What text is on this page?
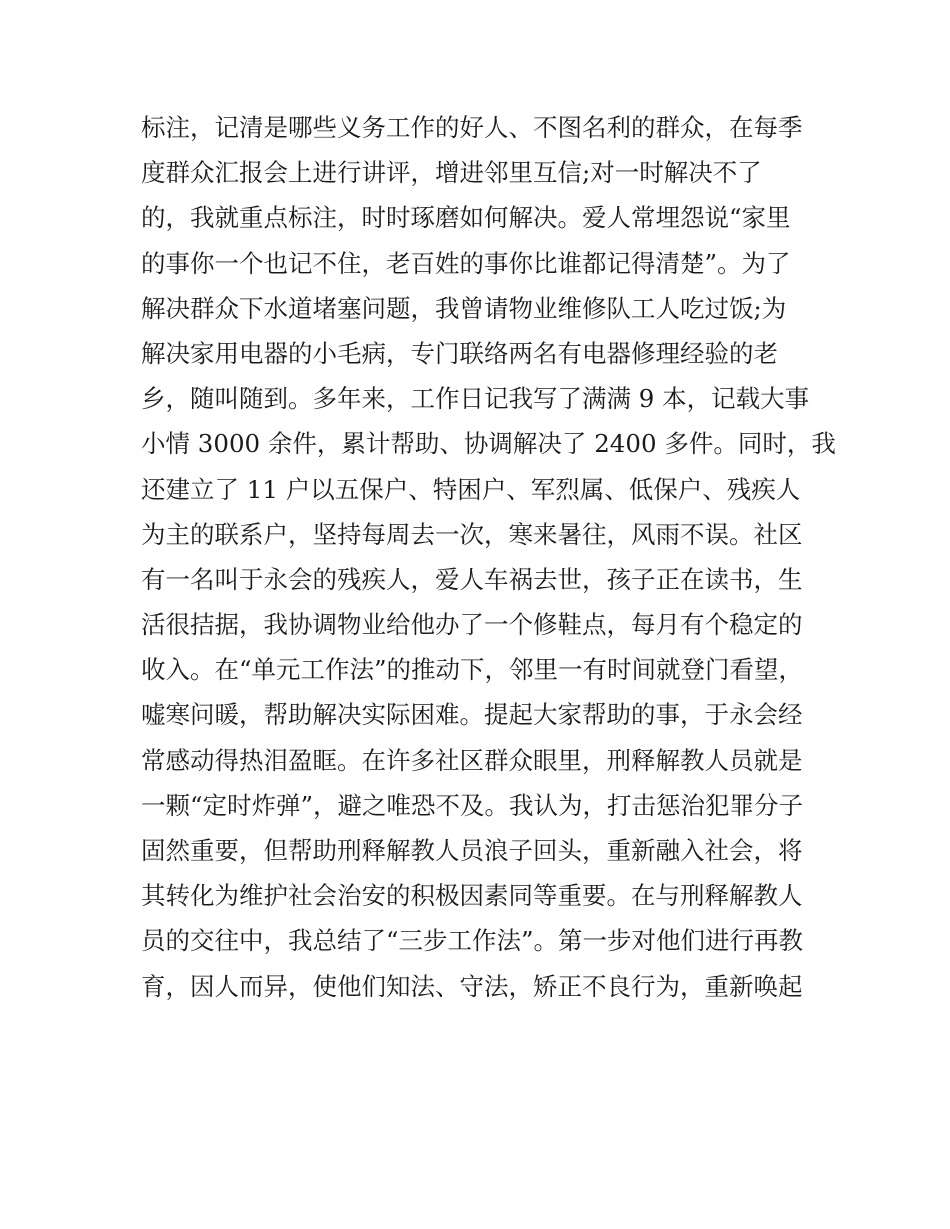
标注，记清是哪些义务工作的好人、不图名利的群众，在每季
度群众汇报会上进行讲评，增进邻里互信;对一时解决不了
的，我就重点标注，时时琢磨如何解决。爱人常埋怨说“家里
的事你一个也记不住，老百姓的事你比谁都记得清楚”。为了
解决群众下水道堵塞问题，我曾请物业维修队工人吃过饭;为
解决家用电器的小毛病，专门联络两名有电器修理经验的老
乡，随叫随到。多年来，工作日记我写了满满 9 本，记载大事
小情 3000 余件，累计帮助、协调解决了 2400 多件。同时，我
还建立了 11 户以五保户、特困户、军烈属、低保户、残疾人
为主的联系户，坚持每周去一次，寒来暑往，风雨不误。社区
有一名叫于永会的残疾人，爱人车祸去世，孩子正在读书，生
活很拮据，我协调物业给他办了一个修鞋点，每月有个稳定的
收入。在“单元工作法”的推动下，邻里一有时间就登门看望，
嘘寒问暖，帮助解决实际困难。提起大家帮助的事，于永会经
常感动得热泪盈眶。在许多社区群众眼里，刑释解教人员就是
一颗“定时炸弹”，避之唯恐不及。我认为，打击惩治犯罪分子
固然重要，但帮助刑释解教人员浪子回头，重新融入社会，将
其转化为维护社会治安的积极因素同等重要。在与刑释解教人
员的交往中，我总结了“三步工作法”。第一步对他们进行再教
育，因人而异，使他们知法、守法，矫正不良行为，重新唤起
